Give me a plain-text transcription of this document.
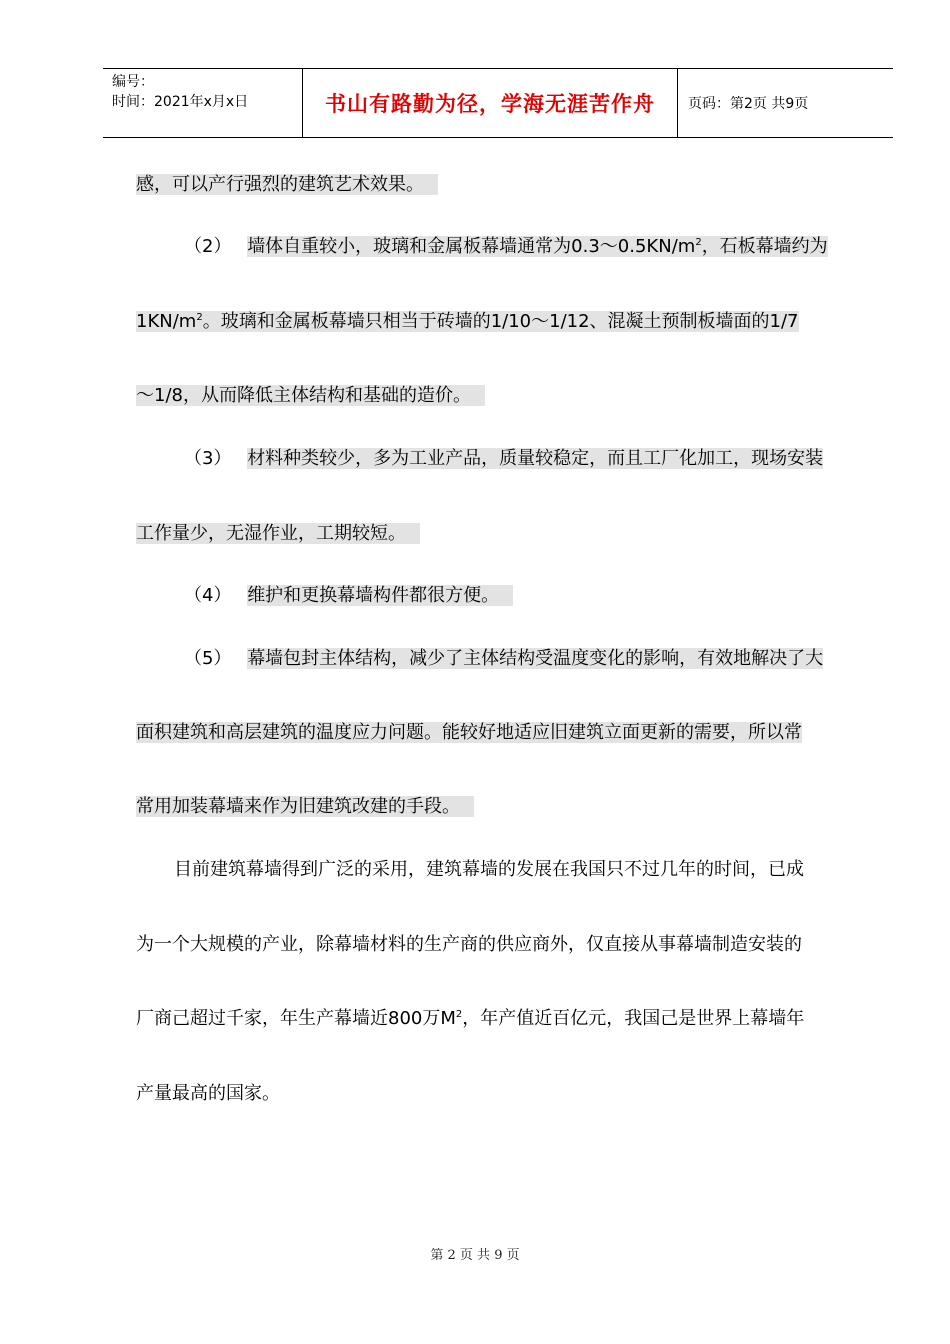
编号：
时间：2021年x月x日	书山有路勤为径，学海无涯苦作舟	页码：第2页 共9页
感，可以产行强烈的建筑艺术效果。
（2） 墙体自重较小，玻璃和金属板幕墙通常为$0.3\sim 0.5KN/m^2$，石板幕墙约为
$1KN/m^2$。玻璃和金属板幕墙只相当于砖墙的1/10～1/12、混凝土预制板墙面的1/7
～1/8，从而降低主体结构和基础的造价。
（3） 材料种类较少，多为工业产品，质量较稳定，而且工厂化加工，现场安装
工作量少，无湿作业，工期较短。
（4） 维护和更换幕墙构件都很方便。
（5） 幕墙包封主体结构，减少了主体结构受温度变化的影响，有效地解决了大
面积建筑和高层建筑的温度应力问题。能较好地适应旧建筑立面更新的需要，所以常
常用加装幕墙来作为旧建筑改建的手段。
目前建筑幕墙得到广泛的采用，建筑幕墙的发展在我国只不过几年的时间，已成
为一个大规模的产业，除幕墙材料的生产商的供应商外，仅直接从事幕墙制造安装的
厂商己超过千家，年生产幕墙近800万$M^2$，年产值近百亿元，我国己是世界上幕墙年
产量最高的国家。
第 2 页 共 9 页
